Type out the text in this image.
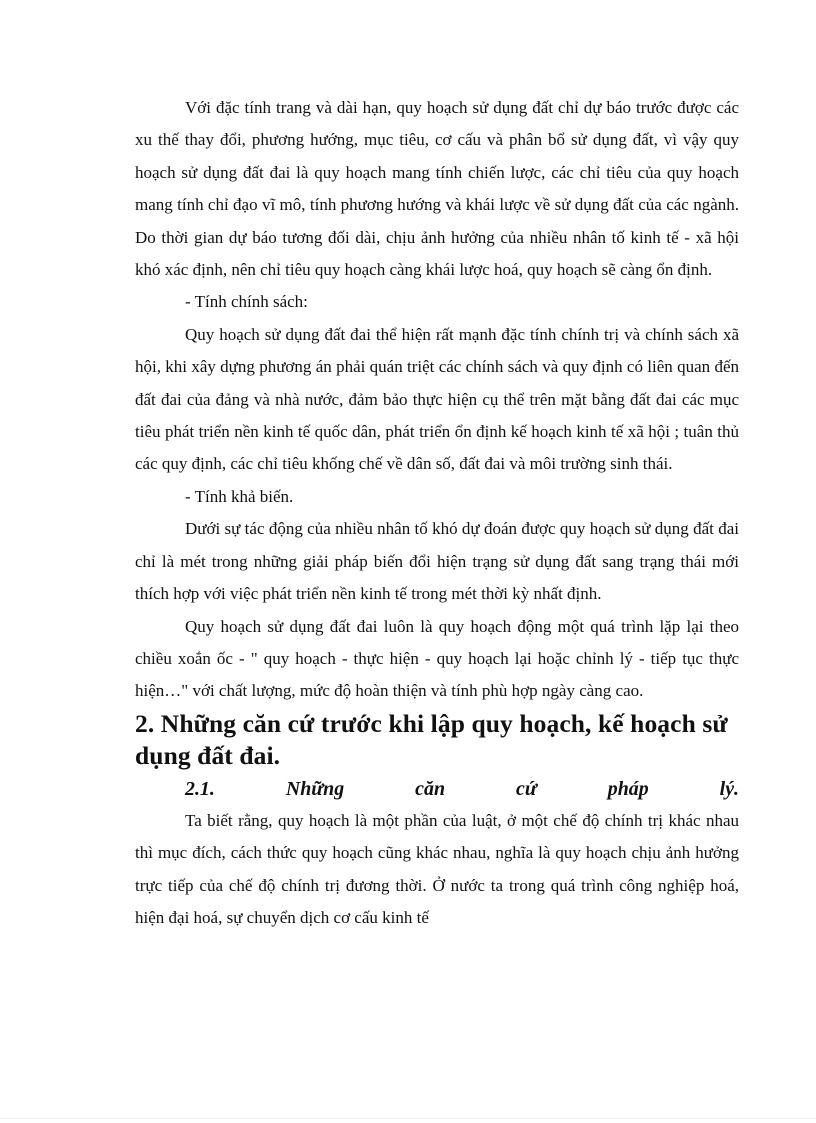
Với đặc tính trang và dài hạn, quy hoạch sử dụng đất chỉ dự báo trước được các xu thế thay đổi, phương hướng, mục tiêu, cơ cấu và phân bổ sử dụng đất, vì vậy quy hoạch sử dụng đất đai là quy hoạch mang tính chiến lược, các chỉ tiêu của quy hoạch mang tính chỉ đạo vĩ mô, tính phương hướng và khái lược về sử dụng đất của các ngành. Do thời gian dự báo tương đối dài, chịu ảnh hưởng của nhiều nhân tố kinh tế - xã hội khó xác định, nên chỉ tiêu quy hoạch càng khái lược hoá, quy hoạch sẽ càng ổn định.

- Tính chính sách:

Quy hoạch sử dụng đất đai thể hiện rất mạnh đặc tính chính trị và chính sách xã hội, khi xây dựng phương án phải quán triệt các chính sách và quy định có liên quan đến đất đai của đảng và nhà nước, đảm bảo thực hiện cụ thể trên mặt bằng đất đai các mục tiêu phát triển nền kinh tế quốc dân, phát triển ổn định kế hoạch kinh tế xã hội ; tuân thủ các quy định, các chỉ tiêu khống chế về dân số, đất đai và môi trường sinh thái.

- Tính khả biến.

Dưới sự tác động của nhiều nhân tố khó dự đoán được quy hoạch sử dụng đất đai chỉ là mét trong những giải pháp biến đổi hiện trạng sử dụng đất sang trạng thái mới thích hợp với việc phát triển nền kinh tế trong mét thời kỳ nhất định.

Quy hoạch sử dụng đất đai luôn là quy hoạch động một quá trình lặp lại theo chiều xoắn ốc - " quy hoạch - thực hiện - quy hoạch lại hoặc chỉnh lý - tiếp tục thực hiện…" với chất lượng, mức độ hoàn thiện và tính phù hợp ngày càng cao.

2. Những căn cứ trước khi lập quy hoạch, kế hoạch sử dụng đất đai.
2.1. Những căn cứ pháp lý.

Ta biết rằng, quy hoạch là một phần của luật, ở một chế độ chính trị khác nhau thì mục đích, cách thức quy hoạch cũng khác nhau, nghĩa là quy hoạch chịu ảnh hưởng trực tiếp của chế độ chính trị đương thời. Ở nước ta trong quá trình công nghiệp hoá, hiện đại hoá, sự chuyển dịch cơ cấu kinh tế
